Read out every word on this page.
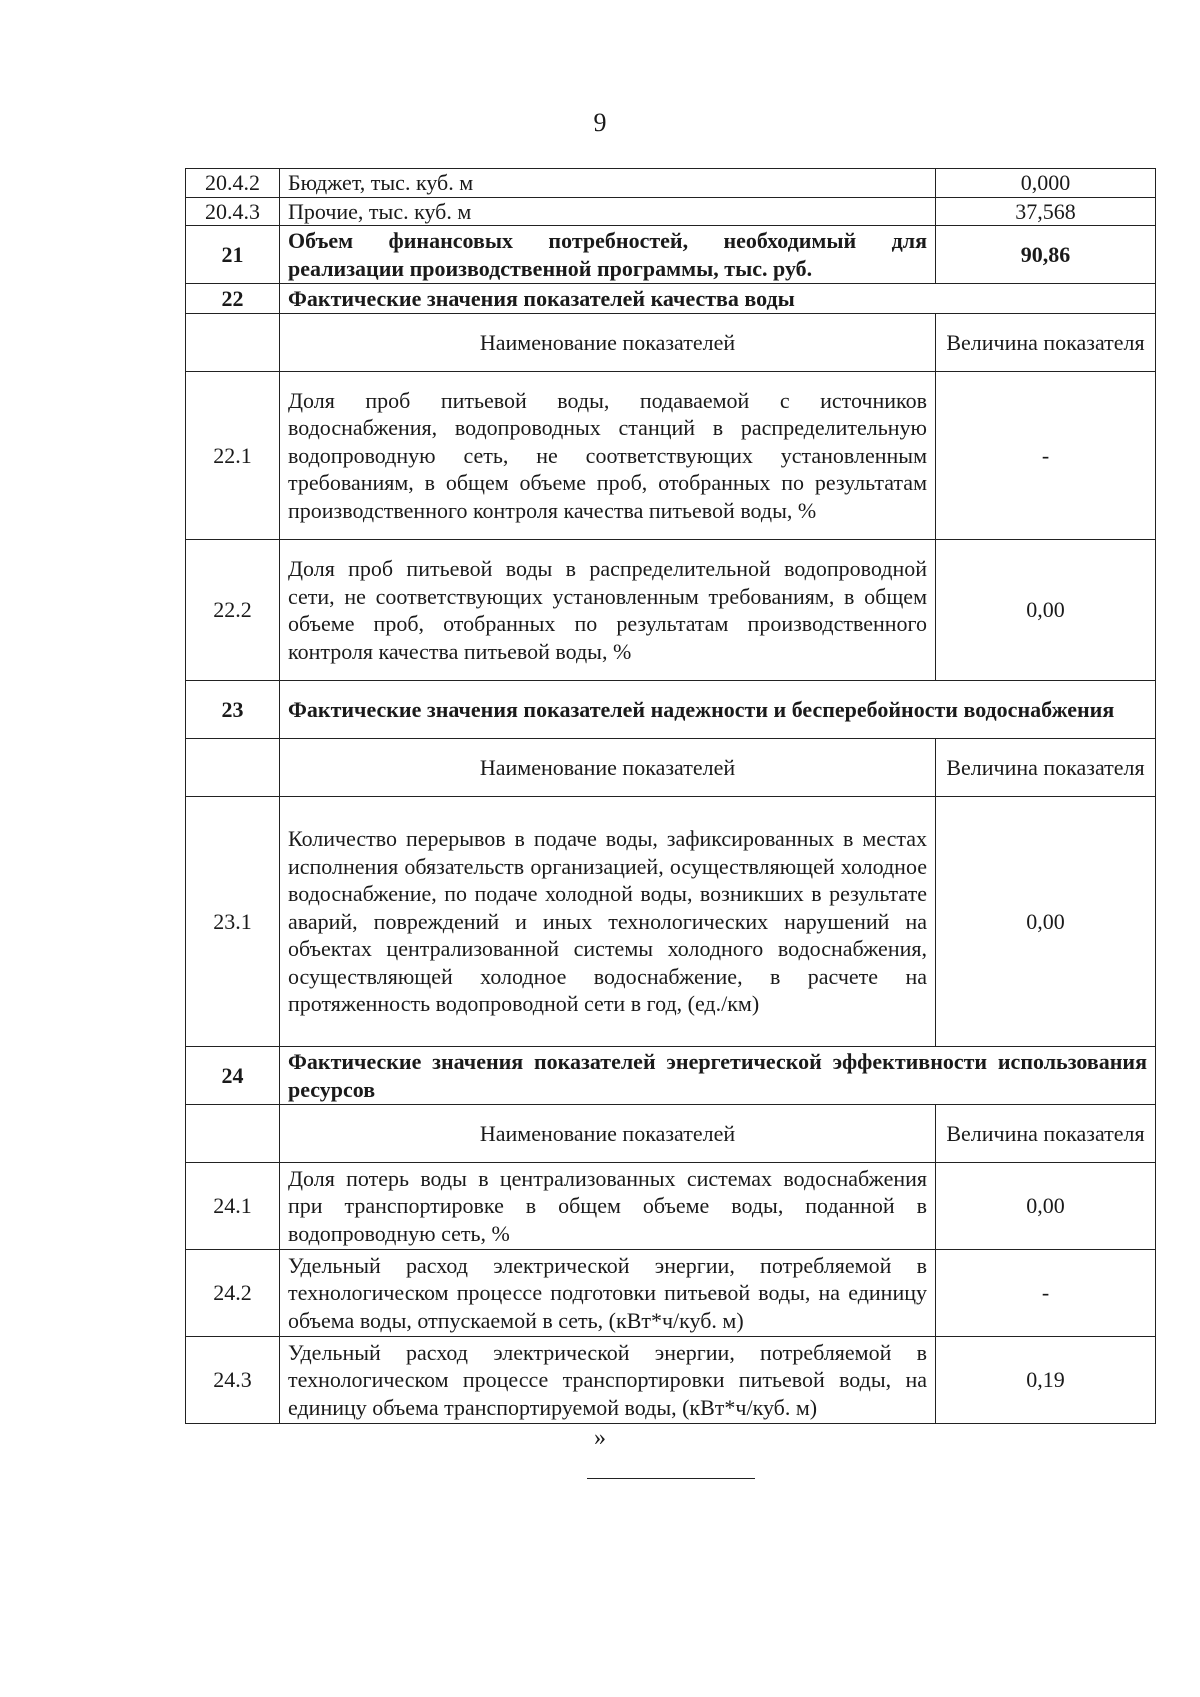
9
20.4.2	Бюджет, тыс. куб. м	0,000
20.4.3	Прочие, тыс. куб. м	37,568
21	Объем финансовых потребностей, необходимый для реализации производственной программы, тыс. руб.	90,86
22	Фактические значения показателей качества воды	
	Наименование показателей	Величина показателя
22.1	Доля проб питьевой воды, подаваемой с источников водоснабжения, водопроводных станций в распределительную водопроводную сеть, не соответствующих установленным требованиям, в общем объеме проб, отобранных по результатам производственного контроля качества питьевой воды, %	-
22.2	Доля проб питьевой воды в распределительной водопроводной сети, не соответствующих установленным требованиям, в общем объеме проб, отобранных по результатам производственного контроля качества питьевой воды, %	0,00
23	Фактические значения показателей надежности и бесперебойности водоснабжения	
	Наименование показателей	Величина показателя
23.1	Количество перерывов в подаче воды, зафиксированных в местах исполнения обязательств организацией, осуществляющей холодное водоснабжение, по подаче холодной воды, возникших в результате аварий, повреждений и иных технологических нарушений на объектах централизованной системы холодного водоснабжения, осуществляющей холодное водоснабжение, в расчете на протяженность водопроводной сети в год, (ед./км)	0,00
24	Фактические значения показателей энергетической эффективности использования ресурсов	
	Наименование показателей	Величина показателя
24.1	Доля потерь воды в централизованных системах водоснабжения при транспортировке в общем объеме воды, поданной в водопроводную сеть, %	0,00
24.2	Удельный расход электрической энергии, потребляемой в технологическом процессе подготовки питьевой воды, на единицу объема воды, отпускаемой в сеть, (кВт*ч/куб. м)	-
24.3	Удельный расход электрической энергии, потребляемой в технологическом процессе транспортировки питьевой воды, на единицу объема транспортируемой воды, (кВт*ч/куб. м)	0,19
»
